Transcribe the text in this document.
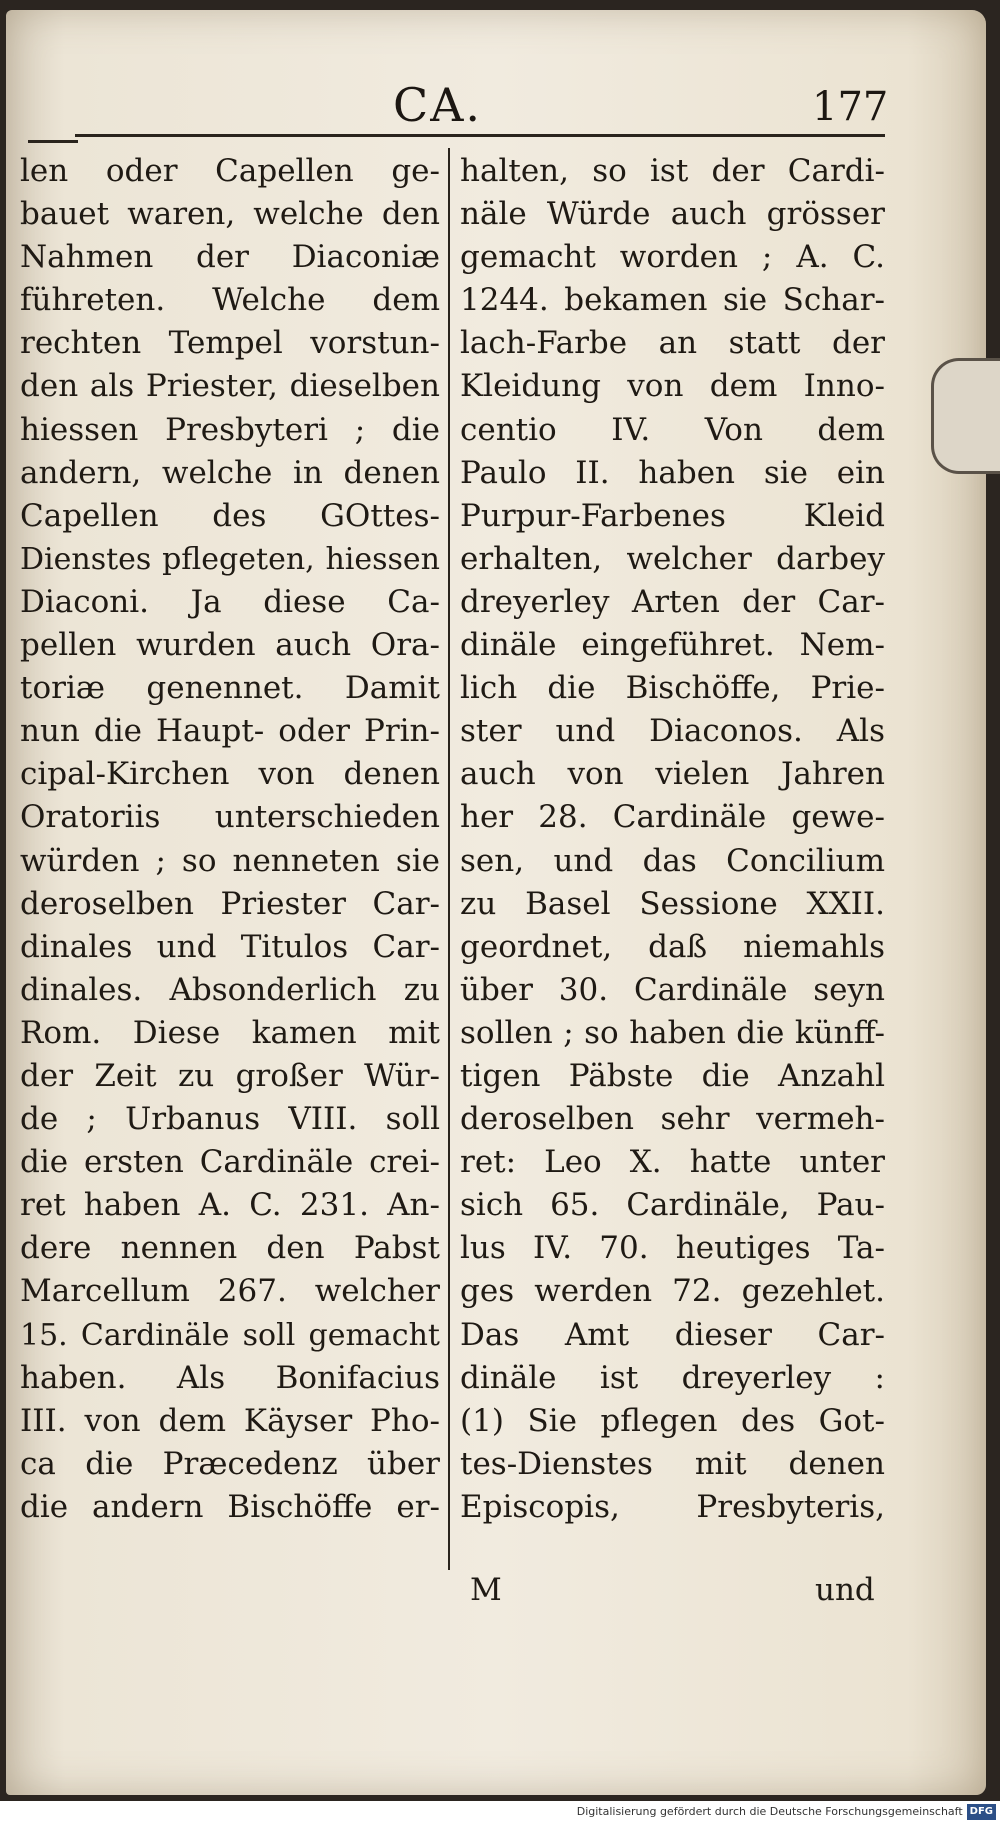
CA.	177
len oder Capellen ge-
bauet waren, welche den
Nahmen der Diaconiæ
führeten. Welche dem
rechten Tempel vorstun-
den als Priester, dieselben
hiessen Presbyteri ; die
andern, welche in denen
Capellen des GOttes-
Dienstes pflegeten, hiessen
Diaconi. Ja diese Ca-
pellen wurden auch Ora-
toriæ genennet. Damit
nun die Haupt- oder Prin-
cipal-Kirchen von denen
Oratoriis unterschieden
würden ; so nenneten sie
deroselben Priester Car-
dinales und Titulos Car-
dinales. Absonderlich zu
Rom. Diese kamen mit
der Zeit zu großer Wür-
de ; Urbanus VIII. soll
die ersten Cardinäle crei-
ret haben A. C. 231. An-
dere nennen den Pabst
Marcellum 267. welcher
15. Cardinäle soll gemacht
haben. Als Bonifacius
III. von dem Käyser Pho-
ca die Præcedenz über
die andern Bischöffe er-
halten, so ist der Cardi-
näle Würde auch grösser
gemacht worden ; A. C.
1244. bekamen sie Schar-
lach-Farbe an statt der
Kleidung von dem Inno-
centio IV. Von dem
Paulo II. haben sie ein
Purpur-Farbenes Kleid
erhalten, welcher darbey
dreyerley Arten der Car-
dinäle eingeführet. Nem-
lich die Bischöffe, Prie-
ster und Diaconos. Als
auch von vielen Jahren
her 28. Cardinäle gewe-
sen, und das Concilium
zu Basel Sessione XXII.
geordnet, daß niemahls
über 30. Cardinäle seyn
sollen ; so haben die künff-
tigen Päbste die Anzahl
deroselben sehr vermeh-
ret: Leo X. hatte unter
sich 65. Cardinäle, Pau-
lus IV. 70. heutiges Ta-
ges werden 72. gezehlet.
Das Amt dieser Car-
dinäle ist dreyerley :
(1) Sie pflegen des Got-
tes-Dienstes mit denen
Episcopis, Presbyteris,
M	und
Digitalisierung gefördert durch die Deutsche Forschungsgemeinschaft DFG
